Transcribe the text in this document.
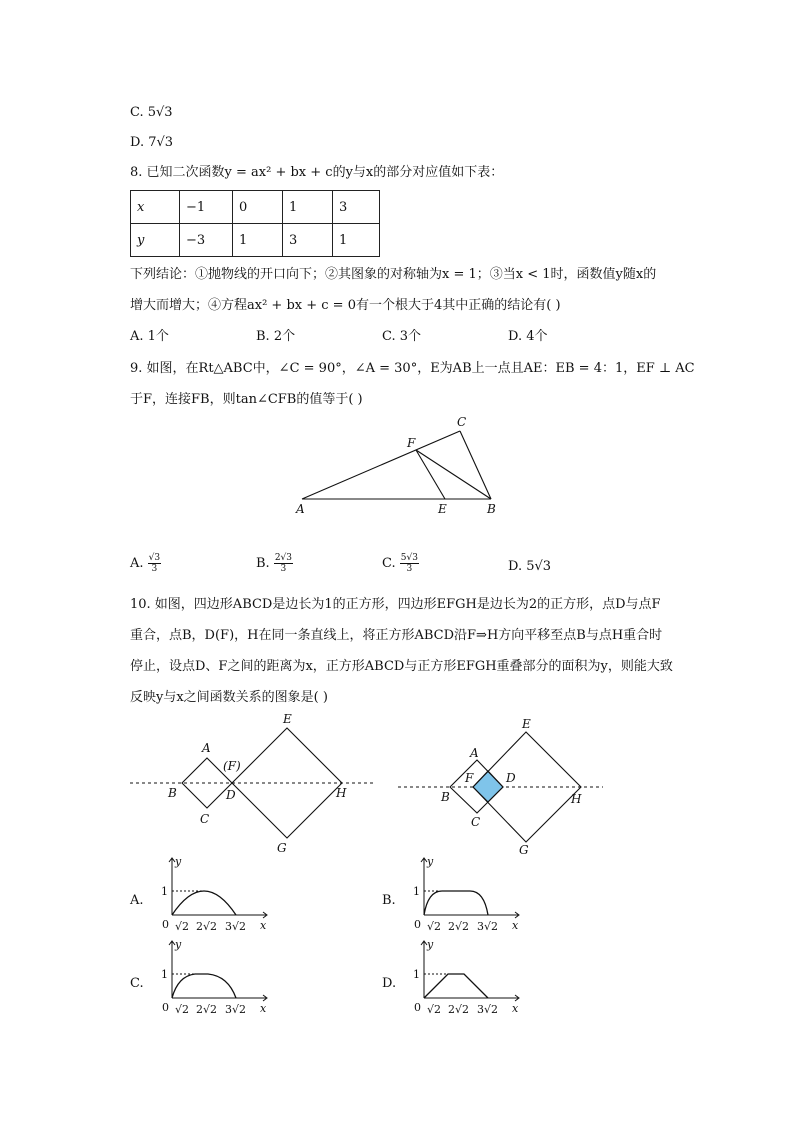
C. 5√3
D. 7√3
8. 已知二次函数y = ax² + bx + c的y与x的部分对应值如下表：
x	−1	0	1	3
y	−3	1	3	1
下列结论：①抛物线的开口向下；②其图象的对称轴为x = 1；③当x < 1时，函数值y随x的
增大而增大；④方程ax² + bx + c = 0有一个根大于4其中正确的结论有( )
A. 1个	B. 2个	C. 3个	D. 4个
9. 如图，在Rt△ABC中，∠C = 90°，∠A = 30°，E为AB上一点且AE：EB = 4：1，EF ⊥ AC
于F，连接FB，则tan∠CFB的值等于( )
A	E	B
F
C
A. $\frac{√3}{3}$	B. $\frac{2√3}{3}$	C. $\frac{5√3}{3}$	D. 5√3
10. 如图，四边形ABCD是边长为1的正方形，四边形EFGH是边长为2的正方形，点D与点F
重合，点B，D(F)，H在同一条直线上，将正方形ABCD沿F⇒H方向平移至点B与点H重合时
停止，设点D、F之间的距离为x，正方形ABCD与正方形EFGH重叠部分的面积为y，则能大致
反映y与x之间函数关系的图象是( )
A
(F)
B	D
C
E
H
G
A
F	D
B
C
E
H
G
A.	B.
C.	D.
y
x
1
0 √2 2√2 3√2
y
x
1
0 √2 2√2 3√2
y
x
1
0 √2 2√2 3√2
y
x
1
0 √2 2√2 3√2
